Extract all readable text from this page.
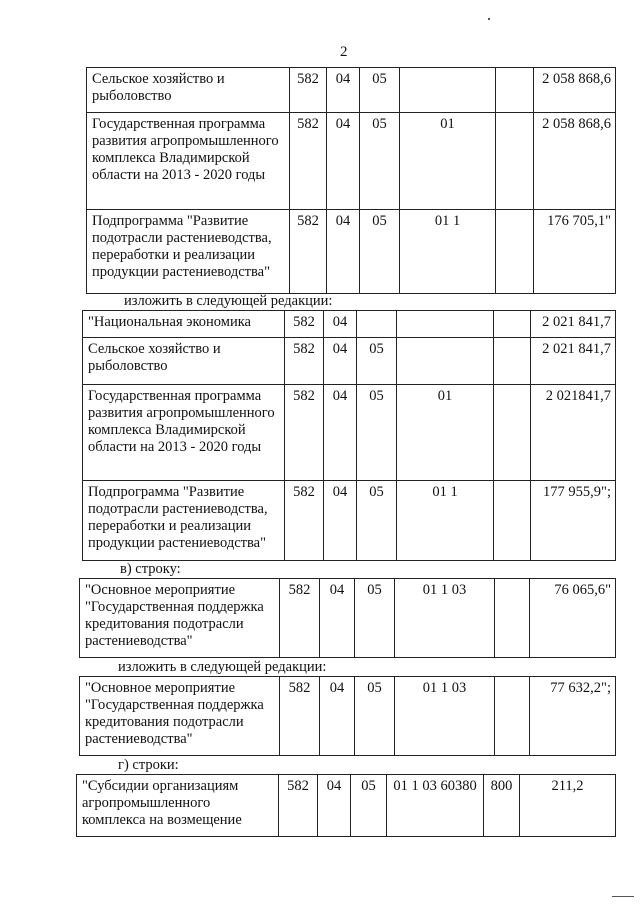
2
Сельское хозяйство и рыболовство	582	04	05			2 058 868,6
Государственная программа развития агропромышленного комплекса Владимирской области на 2013 - 2020 годы	582	04	05	01		2 058 868,6
Подпрограмма "Развитие подотрасли растениеводства, переработки и реализации продукции растениеводства"	582	04	05	01 1		176 705,1"
изложить в следующей редакции:
"Национальная экономика	582	04				2 021 841,7
Сельское хозяйство и рыболовство	582	04	05			2 021 841,7
Государственная программа развития агропромышленного комплекса Владимирской области на 2013 - 2020 годы	582	04	05	01		2 021841,7
Подпрограмма "Развитие подотрасли растениеводства, переработки и реализации продукции растениеводства"	582	04	05	01 1		177 955,9";
в) строку:
"Основное мероприятие "Государственная поддержка кредитования подотрасли растениеводства"	582	04	05	01 1 03		76 065,6"
изложить в следующей редакции:
"Основное мероприятие "Государственная поддержка кредитования подотрасли растениеводства"	582	04	05	01 1 03		77 632,2";
г) строки:
"Субсидии организациям агропромышленного комплекса на возмещение	582	04	05	01 1 03 60380	800	211,2
